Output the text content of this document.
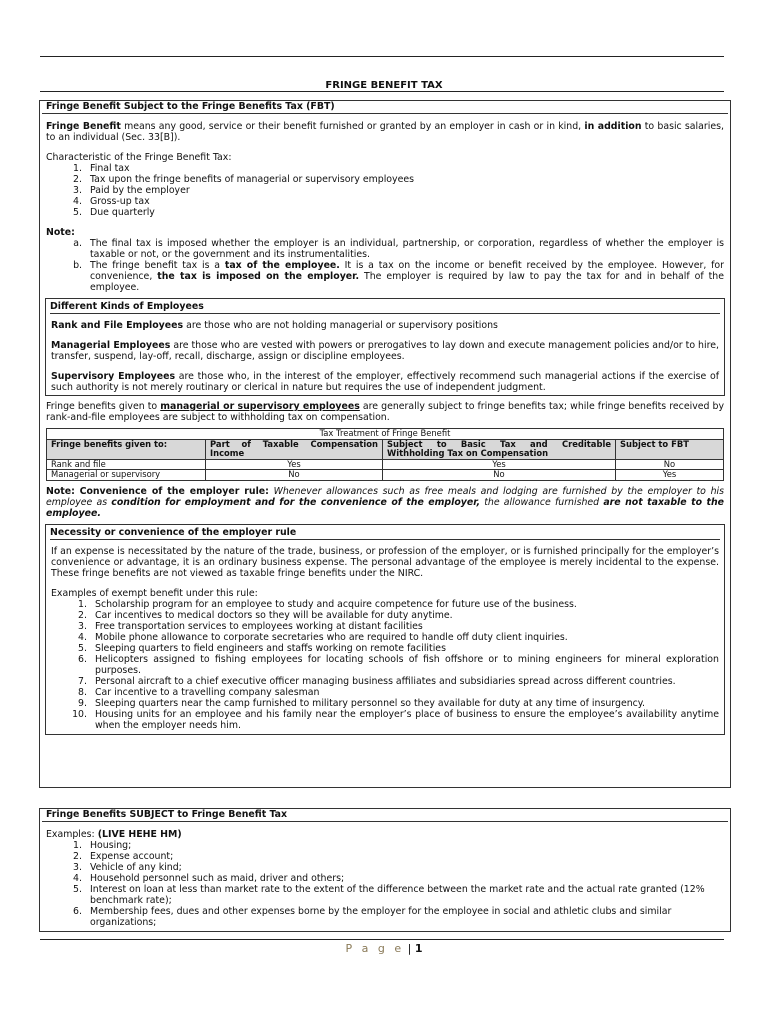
FRINGE BENEFIT TAX
Fringe Benefit Subject to the Fringe Benefits Tax (FBT)

Fringe Benefit means any good, service or their benefit furnished or granted by an employer in cash or in kind, in addition to basic salaries, to an individual (Sec. 33[B]).

Characteristic of the Fringe Benefit Tax:

1. Final tax
2. Tax upon the fringe benefits of managerial or supervisory employees
3. Paid by the employer
4. Gross-up tax
5. Due quarterly

Note:

a. The final tax is imposed whether the employer is an individual, partnership, or corporation, regardless of whether the employer is taxable or not, or the government and its instrumentalities.
b. The fringe benefit tax is a tax of the employee. It is a tax on the income or benefit received by the employee. However, for convenience, the tax is imposed on the employer. The employer is required by law to pay the tax for and in behalf of the employee.
Different Kinds of Employees

Rank and File Employees are those who are not holding managerial or supervisory positions

Managerial Employees are those who are vested with powers or prerogatives to lay down and execute management policies and/or to hire, transfer, suspend, lay-off, recall, discharge, assign or discipline employees.

Supervisory Employees are those who, in the interest of the employer, effectively recommend such managerial actions if the exercise of such authority is not merely routinary or clerical in nature but requires the use of independent judgment.

Fringe benefits given to managerial or supervisory employees are generally subject to fringe benefits tax; while fringe benefits received by rank-and-file employees are subject to withholding tax on compensation.

Tax Treatment of Fringe Benefit			
Fringe benefits given to:	Part of Taxable Compensation Income	Subject to Basic Tax and Creditable Withholding Tax on Compensation	Subject to FBT
Rank and file	Yes	Yes	No
Managerial or supervisory	No	No	Yes

Note: Convenience of the employer rule: Whenever allowances such as free meals and lodging are furnished by the employer to his employee as condition for employment and for the convenience of the employer, the allowance furnished are not taxable to the employee.

Necessity or convenience of the employer rule

If an expense is necessitated by the nature of the trade, business, or profession of the employer, or is furnished principally for the employer’s convenience or advantage, it is an ordinary business expense. The personal advantage of the employee is merely incidental to the expense. These fringe benefits are not viewed as taxable fringe benefits under the NIRC.

Examples of exempt benefit under this rule:

1. Scholarship program for an employee to study and acquire competence for future use of the business.
2. Car incentives to medical doctors so they will be available for duty anytime.
3. Free transportation services to employees working at distant facilities
4. Mobile phone allowance to corporate secretaries who are required to handle off duty client inquiries.
5. Sleeping quarters to field engineers and staffs working on remote facilities
6. Helicopters assigned to fishing employees for locating schools of fish offshore or to mining engineers for mineral exploration purposes.
7. Personal aircraft to a chief executive officer managing business affiliates and subsidiaries spread across different countries.
8. Car incentive to a travelling company salesman
9. Sleeping quarters near the camp furnished to military personnel so they available for duty at any time of insurgency.
10. Housing units for an employee and his family near the employer’s place of business to ensure the employee’s availability anytime when the employer needs him.
Fringe Benefits SUBJECT to Fringe Benefit Tax

Examples: (LIVE HEHE HM)

1. Housing;
2. Expense account;
3. Vehicle of any kind;
4. Household personnel such as maid, driver and others;
5. Interest on loan at less than market rate to the extent of the difference between the market rate and the actual rate granted (12% benchmark rate);
6. Membership fees, dues and other expenses borne by the employer for the employee in social and athletic clubs and similar organizations;
P a g e | 1
